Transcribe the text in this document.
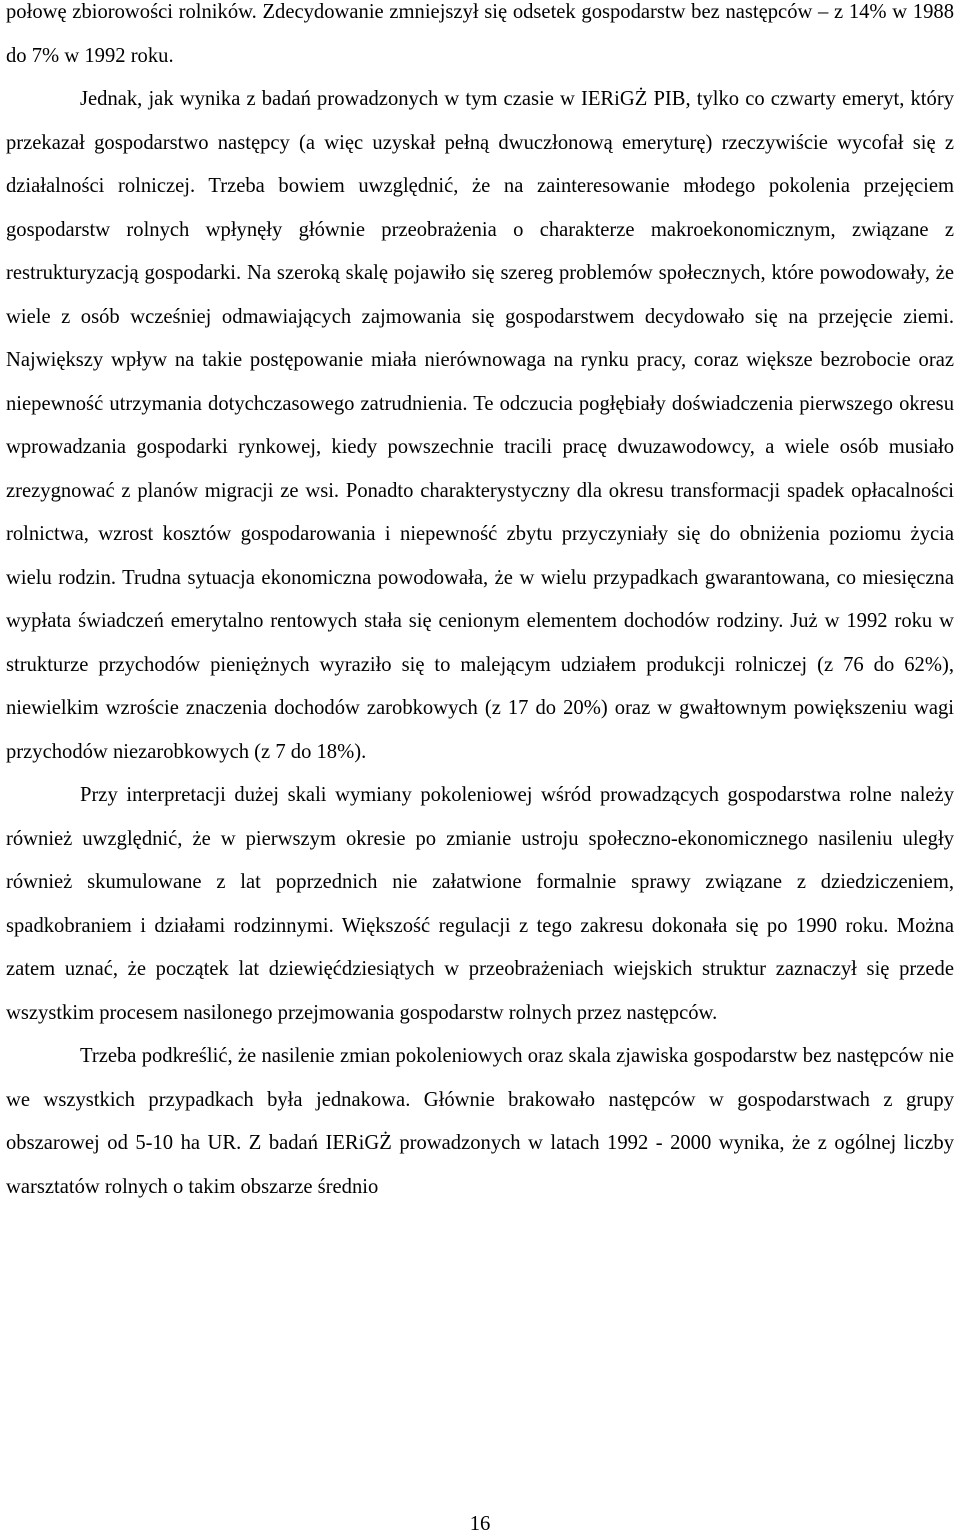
połowę zbiorowości rolników. Zdecydowanie zmniejszył się odsetek gospodarstw bez następców – z 14% w 1988 do 7% w 1992 roku.

Jednak, jak wynika z badań prowadzonych w tym czasie w IERiGŻ PIB, tylko co czwarty emeryt, który przekazał gospodarstwo następcy (a więc uzyskał pełną dwuczłonową emeryturę) rzeczywiście wycofał się z działalności rolniczej. Trzeba bowiem uwzględnić, że na zainteresowanie młodego pokolenia przejęciem gospodarstw rolnych wpłynęły głównie przeobrażenia o charakterze makroekonomicznym, związane z restrukturyzacją gospodarki. Na szeroką skalę pojawiło się szereg problemów społecznych, które powodowały, że wiele z osób wcześniej odmawiających zajmowania się gospodarstwem decydowało się na przejęcie ziemi. Największy wpływ na takie postępowanie miała nierównowaga na rynku pracy, coraz większe bezrobocie oraz niepewność utrzymania dotychczasowego zatrudnienia. Te odczucia pogłębiały doświadczenia pierwszego okresu wprowadzania gospodarki rynkowej, kiedy powszechnie tracili pracę dwuzawodowcy, a wiele osób musiało zrezygnować z planów migracji ze wsi. Ponadto charakterystyczny dla okresu transformacji spadek opłacalności rolnictwa, wzrost kosztów gospodarowania i niepewność zbytu przyczyniały się do obniżenia poziomu życia wielu rodzin. Trudna sytuacja ekonomiczna powodowała, że w wielu przypadkach gwarantowana, co miesięczna wypłata świadczeń emerytalno rentowych stała się cenionym elementem dochodów rodziny. Już w 1992 roku w strukturze przychodów pieniężnych wyraziło się to malejącym udziałem produkcji rolniczej (z 76 do 62%), niewielkim wzroście znaczenia dochodów zarobkowych (z 17 do 20%) oraz w gwałtownym powiększeniu wagi przychodów niezarobkowych (z 7 do 18%).

Przy interpretacji dużej skali wymiany pokoleniowej wśród prowadzących gospodarstwa rolne należy również uwzględnić, że w pierwszym okresie po zmianie ustroju społeczno-ekonomicznego nasileniu uległy również skumulowane z lat poprzednich nie załatwione formalnie sprawy związane z dziedziczeniem, spadkobraniem i działami rodzinnymi. Większość regulacji z tego zakresu dokonała się po 1990 roku. Można zatem uznać, że początek lat dziewięćdziesiątych w przeobrażeniach wiejskich struktur zaznaczył się przede wszystkim procesem nasilonego przejmowania gospodarstw rolnych przez następców.

Trzeba podkreślić, że nasilenie zmian pokoleniowych oraz skala zjawiska gospodarstw bez następców nie we wszystkich przypadkach była jednakowa. Głównie brakowało następców w gospodarstwach z grupy obszarowej od 5-10 ha UR. Z badań IERiGŻ prowadzonych w latach 1992 - 2000 wynika, że z ogólnej liczby warsztatów rolnych o takim obszarze średnio

16
